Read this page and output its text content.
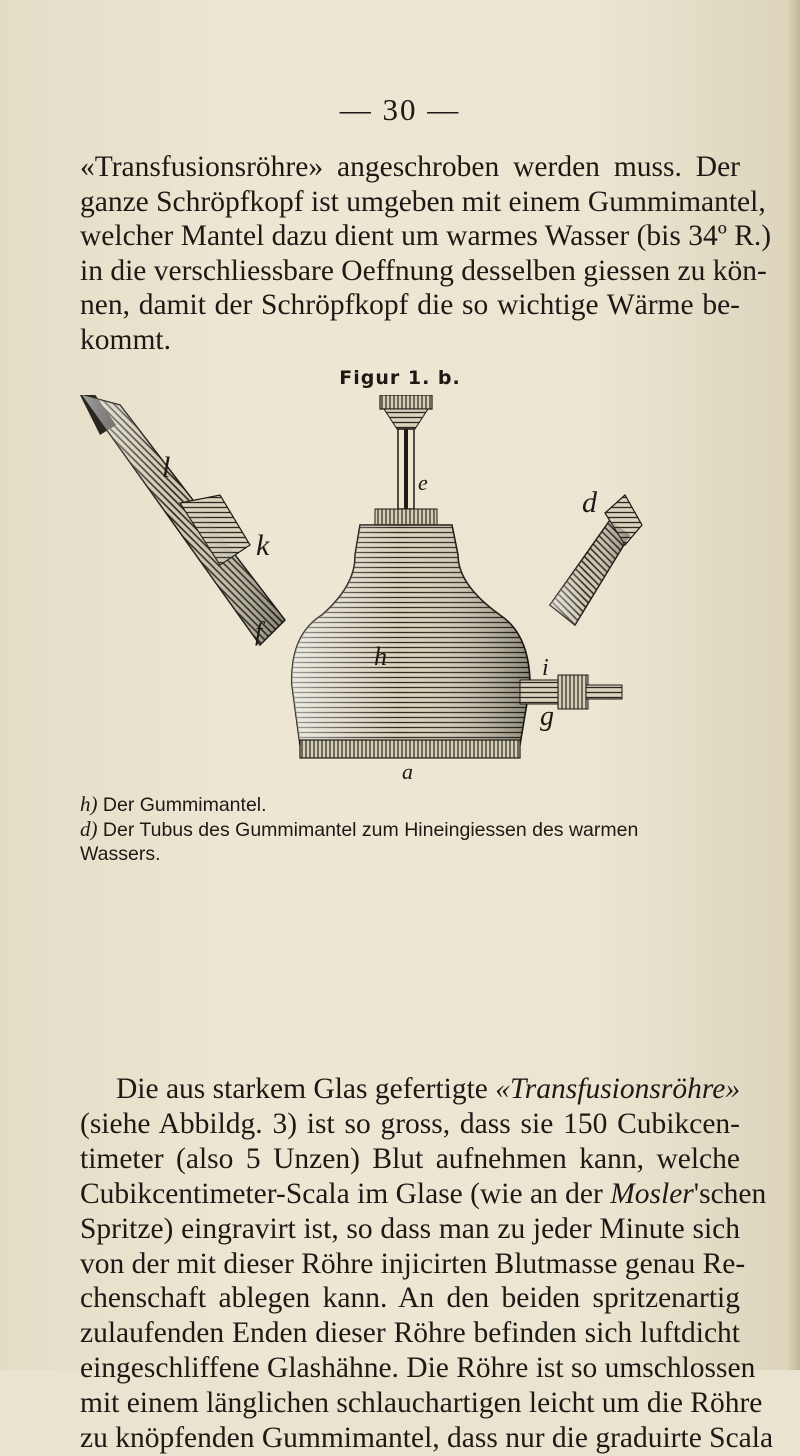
— 30 —
«Transfusionsröhre» angeschroben werden muss. Der
ganze Schröpfkopf ist umgeben mit einem Gummimantel,
welcher Mantel dazu dient um warmes Wasser (bis 34º R.)
in die verschliessbare Oeffnung desselben giessen zu kön-
nen, damit der Schröpfkopf die so wichtige Wärme be-
kommt.
Figur 1. b.
l
k
e
d
f
h	i
g
a
h) Der Gummimantel.
d) Der Tubus des Gummimantel zum Hineingiessen des warmen
Wassers.
Die aus starkem Glas gefertigte «Transfusionsröhre»
(siehe Abbildg. 3) ist so gross, dass sie 150 Cubikcen-
timeter (also 5 Unzen) Blut aufnehmen kann, welche
Cubikcentimeter-Scala im Glase (wie an der Mosler'schen
Spritze) eingravirt ist, so dass man zu jeder Minute sich
von der mit dieser Röhre injicirten Blutmasse genau Re-
chenschaft ablegen kann. An den beiden spritzenartig
zulaufenden Enden dieser Röhre befinden sich luftdicht
eingeschliffene Glashähne. Die Röhre ist so umschlossen
mit einem länglichen schlauchartigen leicht um die Röhre
zu knöpfenden Gummimantel, dass nur die graduirte Scala
